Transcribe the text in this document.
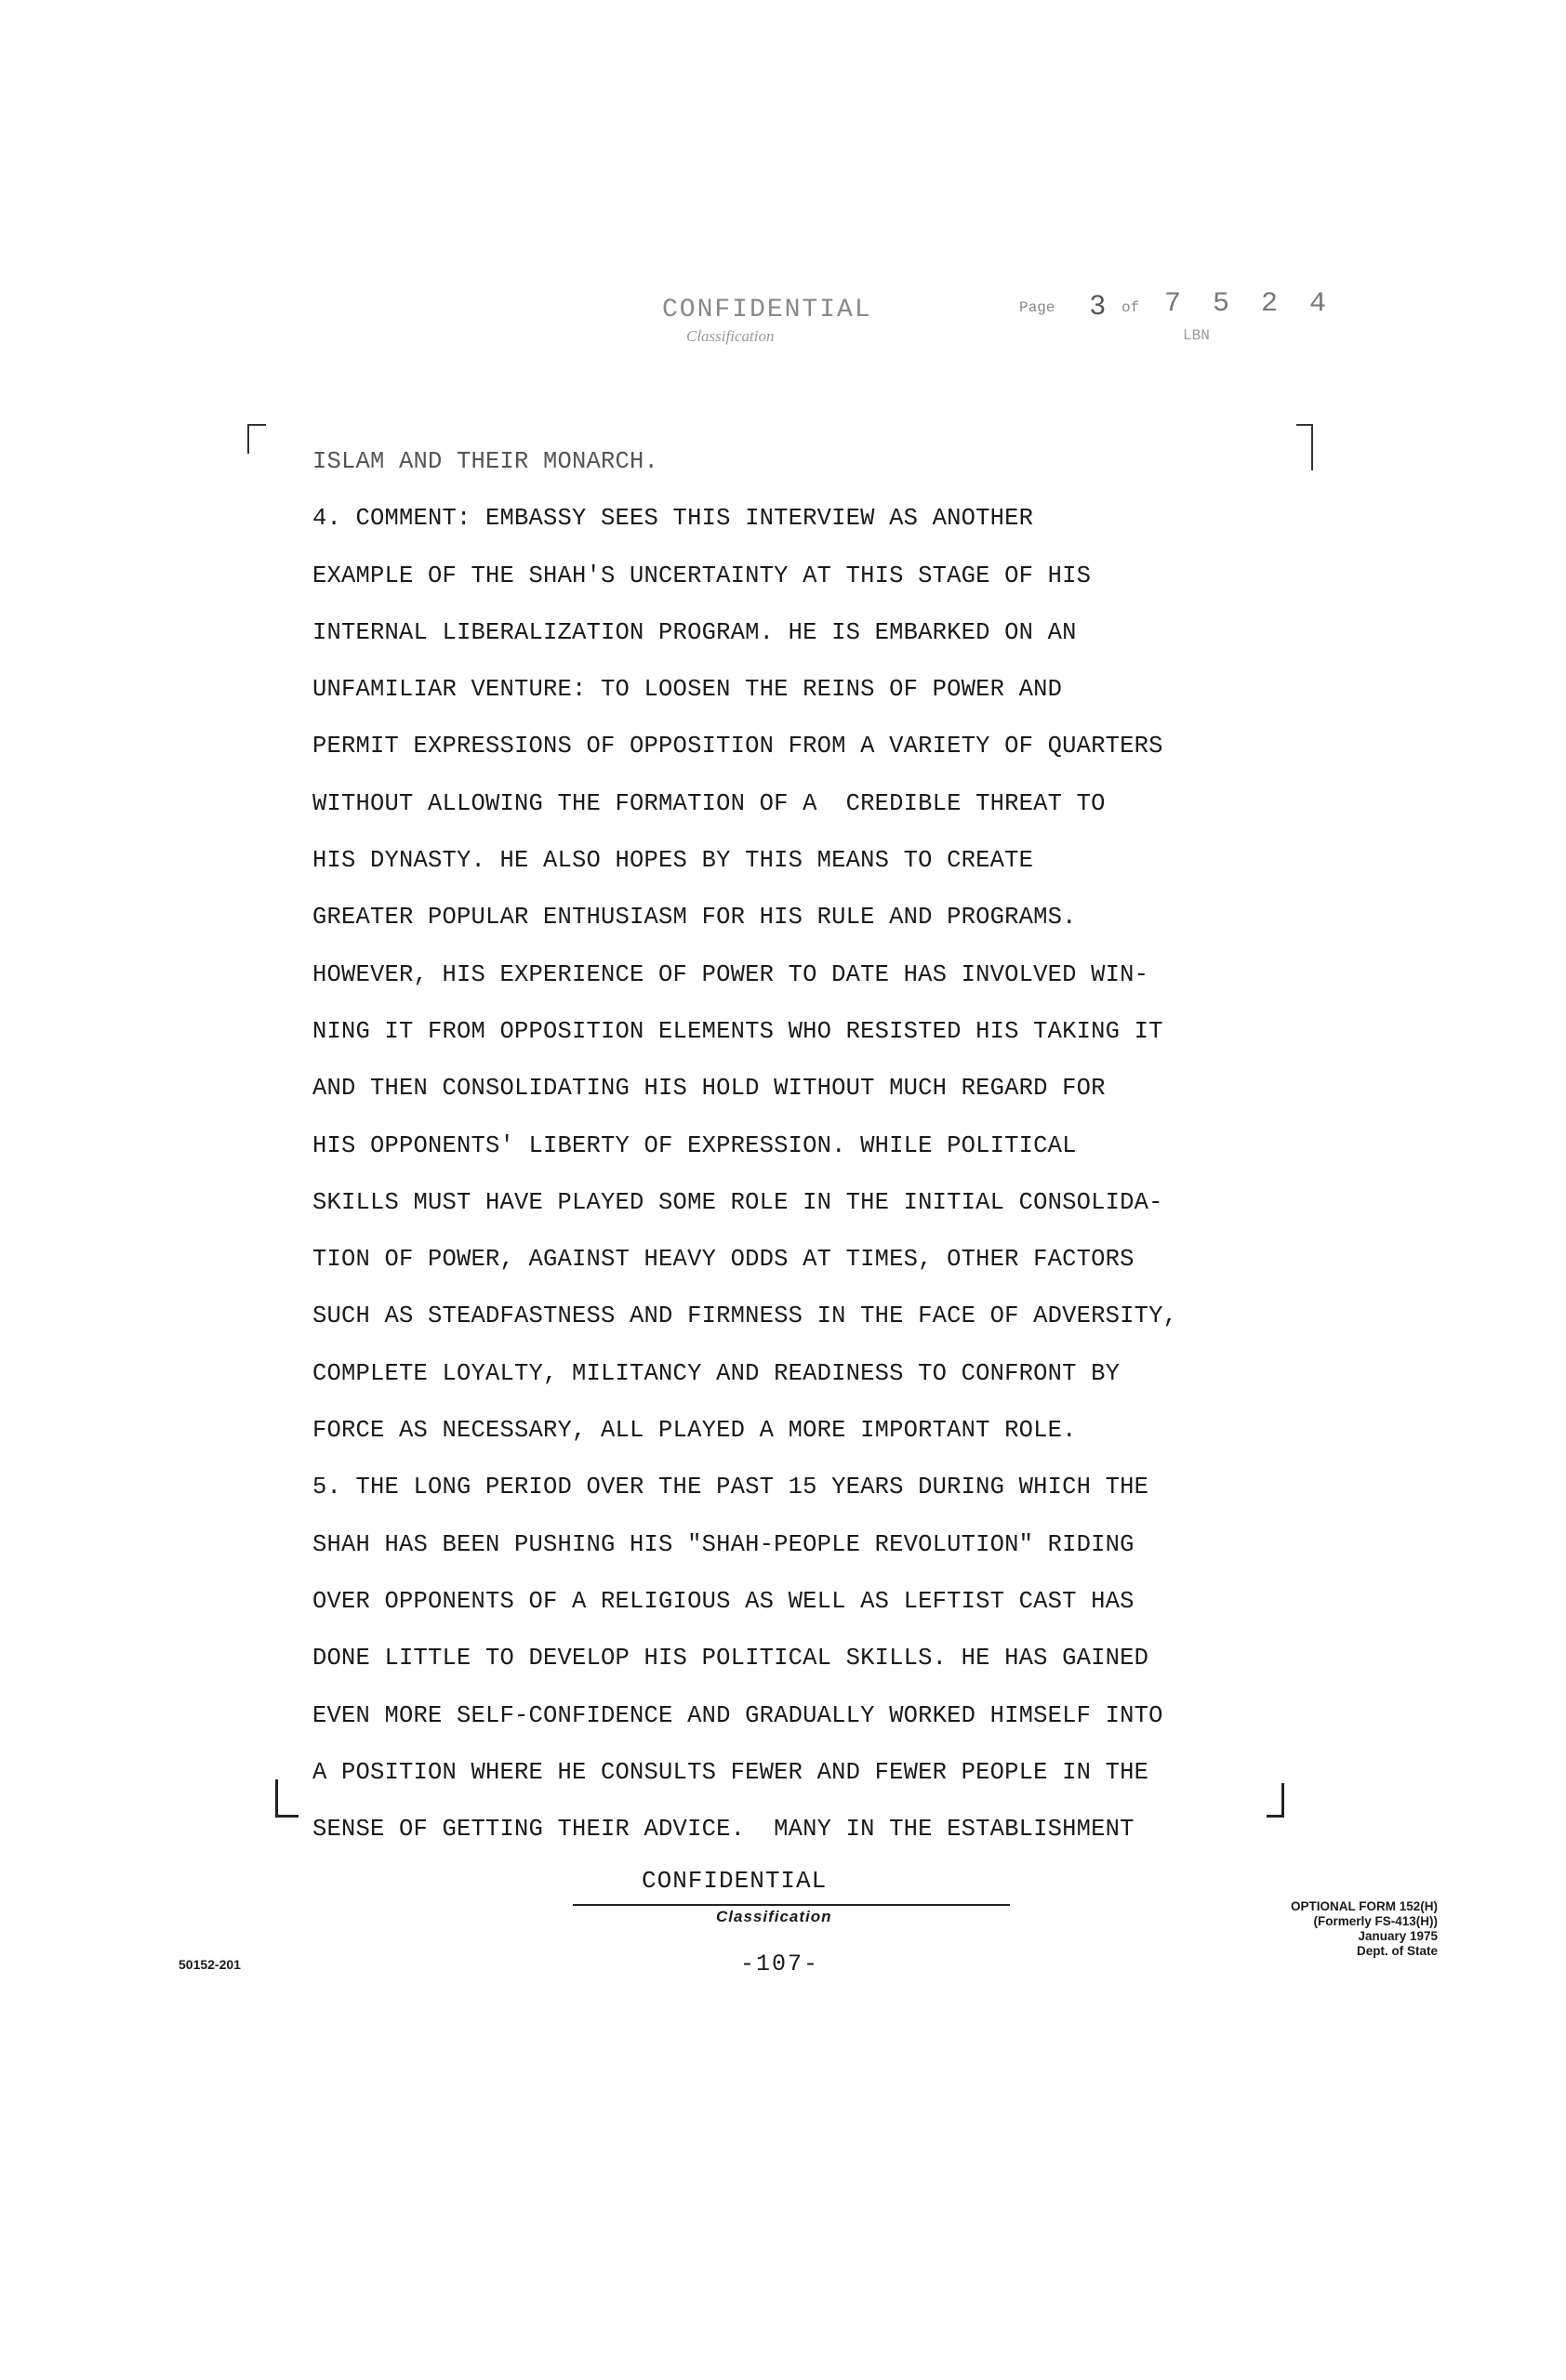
CONFIDENTIAL
Classification
Page 3 of 7 5 2 4
LBN
ISLAM AND THEIR MONARCH.
4. COMMENT: EMBASSY SEES THIS INTERVIEW AS ANOTHER
EXAMPLE OF THE SHAH'S UNCERTAINTY AT THIS STAGE OF HIS
INTERNAL LIBERALIZATION PROGRAM. HE IS EMBARKED ON AN
UNFAMILIAR VENTURE: TO LOOSEN THE REINS OF POWER AND
PERMIT EXPRESSIONS OF OPPOSITION FROM A VARIETY OF QUARTERS
WITHOUT ALLOWING THE FORMATION OF A  CREDIBLE THREAT TO
HIS DYNASTY. HE ALSO HOPES BY THIS MEANS TO CREATE
GREATER POPULAR ENTHUSIASM FOR HIS RULE AND PROGRAMS.
HOWEVER, HIS EXPERIENCE OF POWER TO DATE HAS INVOLVED WIN-
NING IT FROM OPPOSITION ELEMENTS WHO RESISTED HIS TAKING IT
AND THEN CONSOLIDATING HIS HOLD WITHOUT MUCH REGARD FOR
HIS OPPONENTS' LIBERTY OF EXPRESSION. WHILE POLITICAL
SKILLS MUST HAVE PLAYED SOME ROLE IN THE INITIAL CONSOLIDA-
TION OF POWER, AGAINST HEAVY ODDS AT TIMES, OTHER FACTORS
SUCH AS STEADFASTNESS AND FIRMNESS IN THE FACE OF ADVERSITY,
COMPLETE LOYALTY, MILITANCY AND READINESS TO CONFRONT BY
FORCE AS NECESSARY, ALL PLAYED A MORE IMPORTANT ROLE.
5. THE LONG PERIOD OVER THE PAST 15 YEARS DURING WHICH THE
SHAH HAS BEEN PUSHING HIS "SHAH-PEOPLE REVOLUTION" RIDING
OVER OPPONENTS OF A RELIGIOUS AS WELL AS LEFTIST CAST HAS
DONE LITTLE TO DEVELOP HIS POLITICAL SKILLS. HE HAS GAINED
EVEN MORE SELF-CONFIDENCE AND GRADUALLY WORKED HIMSELF INTO
A POSITION WHERE HE CONSULTS FEWER AND FEWER PEOPLE IN THE
SENSE OF GETTING THEIR ADVICE.  MANY IN THE ESTABLISHMENT
CONFIDENTIAL
Classification
-107-
50152-201
OPTIONAL FORM 152(H)
(Formerly FS-413(H))
January 1975
Dept. of State
